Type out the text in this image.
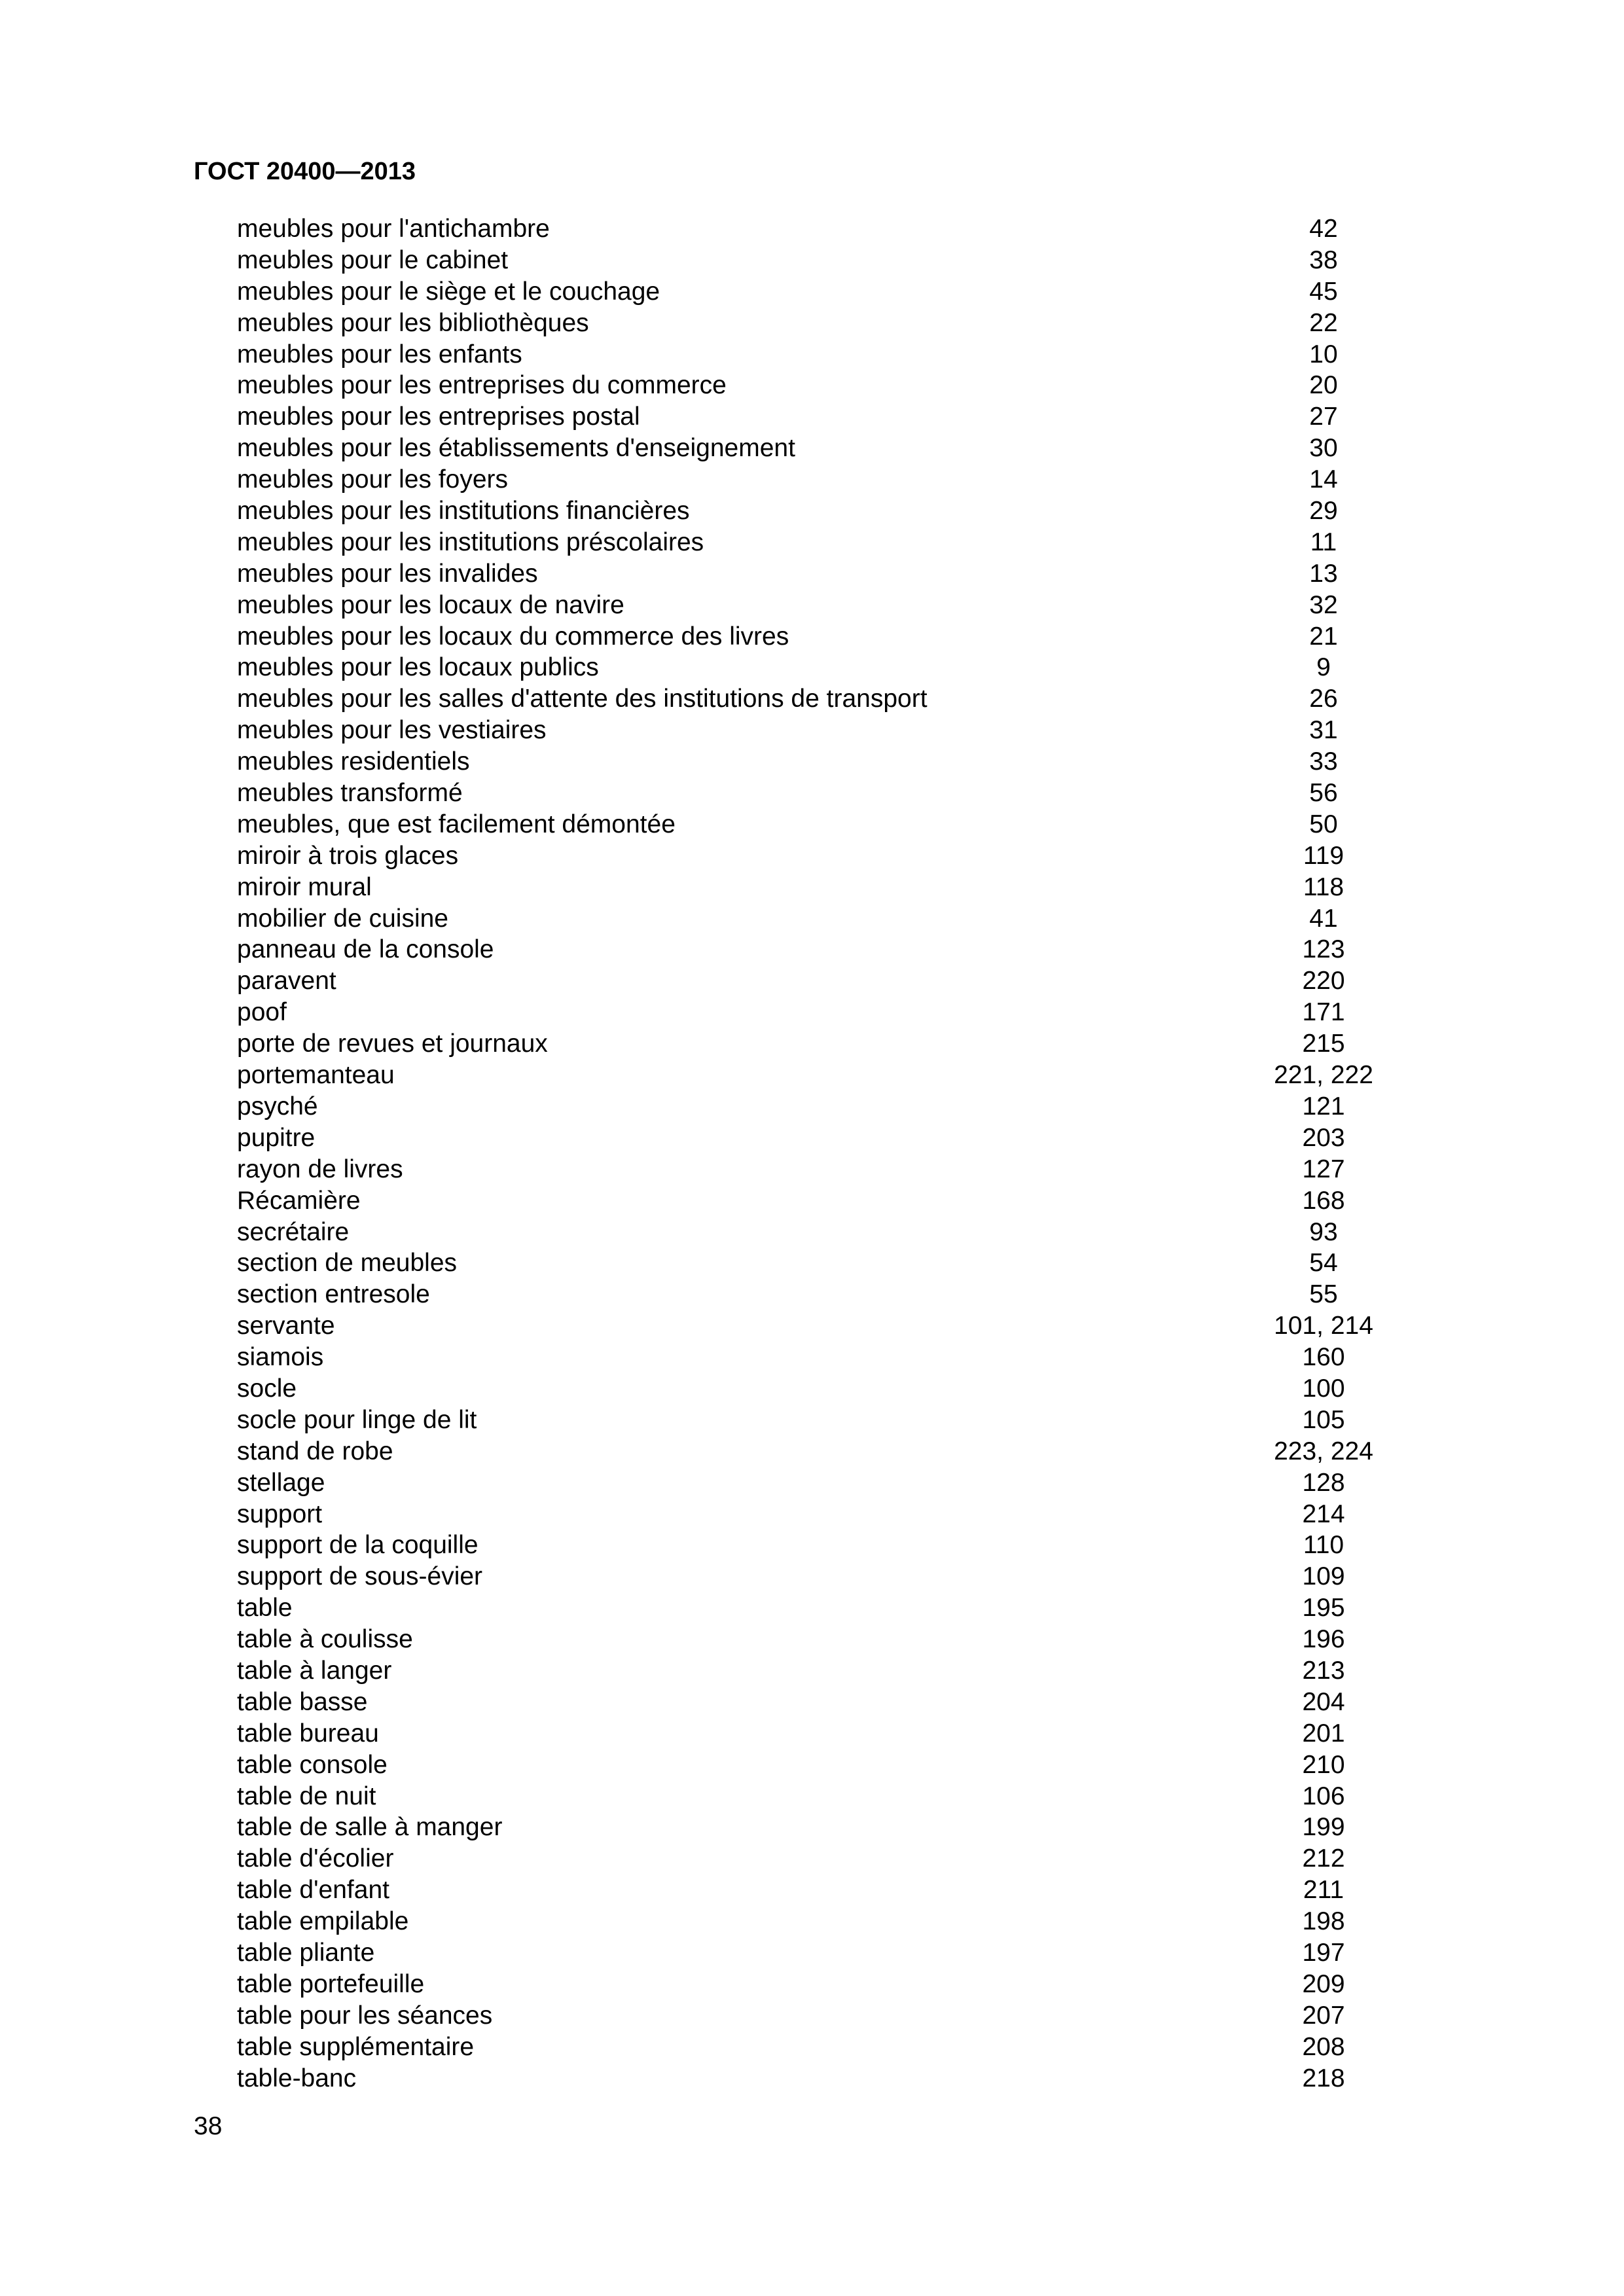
ГОСТ 20400—2013
meubles pour l'antichambre	42
meubles pour le cabinet	38
meubles pour le siège et le couchage	45
meubles pour les bibliothèques	22
meubles pour les enfants	10
meubles pour les entreprises du commerce	20
meubles pour les entreprises postal	27
meubles pour les établissements d'enseignement	30
meubles pour les foyers	14
meubles pour les institutions financières	29
meubles pour les institutions préscolaires	11
meubles pour les invalides	13
meubles pour les locaux de navire	32
meubles pour les locaux du commerce des livres	21
meubles pour les locaux publics	9
meubles pour les salles d'attente des institutions de transport	26
meubles pour les vestiaires	31
meubles residentiels	33
meubles transformé	56
meubles, que est facilement démontée	50
miroir à trois glaces	119
miroir mural	118
mobilier de cuisine	41
panneau de la console	123
paravent	220
poof	171
porte de revues et journaux	215
portemanteau	221, 222
psyché	121
pupitre	203
rayon de livres	127
Récamière	168
secrétaire	93
section de meubles	54
section entresole	55
servante	101, 214
siamois	160
socle	100
socle pour linge de lit	105
stand de robe	223, 224
stellage	128
support	214
support de la coquille	110
support de sous-évier	109
table	195
table à coulisse	196
table à langer	213
table basse	204
table bureau	201
table console	210
table de nuit	106
table de salle à manger	199
table d'écolier	212
table d'enfant	211
table empilable	198
table pliante	197
table portefeuille	209
table pour les séances	207
table supplémentaire	208
table-banc	218
38
